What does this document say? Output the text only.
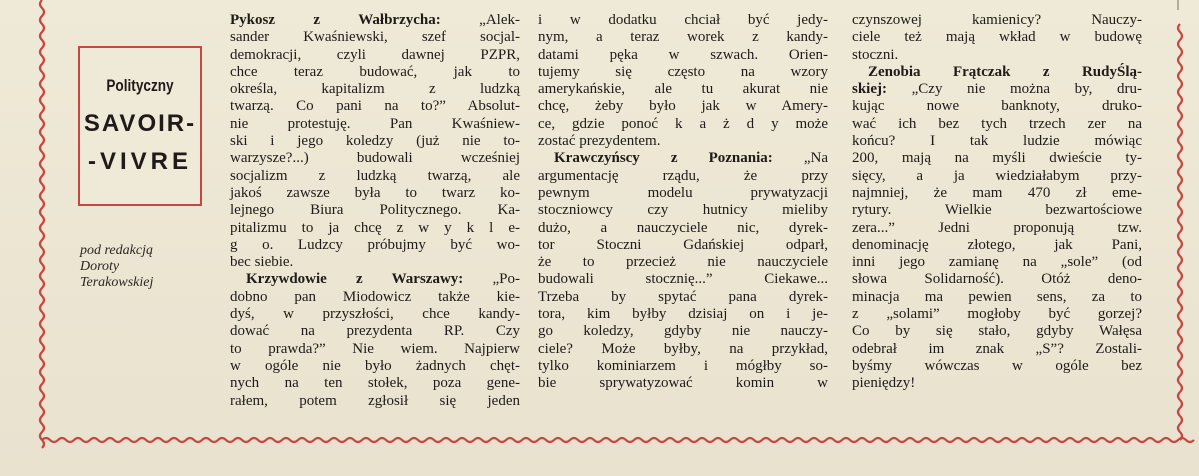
Polityczny
SAVOIR-
-VIVRE
pod redakcją
Doroty
Terakowskiej
Pykosz z Wałbrzycha: „Alek-
sander Kwaśniewski, szef socjal-
demokracji, czyli dawnej PZPR,
chce teraz budować, jak to
określa, kapitalizm z ludzką
twarzą. Co pani na to?” Absolut-
nie protestuję. Pan Kwaśniew-
ski i jego koledzy (już nie to-
warzysze?...) budowali wcześniej
socjalizm z ludzką twarzą, ale
jakoś zawsze była to twarz ko-
lejnego Biura Politycznego. Ka-
pitalizmu to ja chcę z w y k l e-
g o. Ludzcy próbujmy być wo-
bec siebie.
Krzywdowie z Warszawy: „Po-
dobno pan Miodowicz także kie-
dyś, w przyszłości, chce kandy-
dować na prezydenta RP. Czy
to prawda?” Nie wiem. Najpierw
w ogóle nie było żadnych chęt-
nych na ten stołek, poza gene-
rałem, potem zgłosił się jeden
i w dodatku chciał być jedy-
nym, a teraz worek z kandy-
datami pęka w szwach. Orien-
tujemy się często na wzory
amerykańskie, ale tu akurat nie
chcę, żeby było jak w Amery-
ce, gdzie ponoć k a ż d y może
zostać prezydentem.
Krawczyńscy z Poznania: „Na
argumentację rządu, że przy
pewnym modelu prywatyzacji
stoczniowcy czy hutnicy mieliby
dużo, a nauczyciele nic, dyrek-
tor Stoczni Gdańskiej odparł,
że to przecież nie nauczyciele
budowali stocznię...” Ciekawe...
Trzeba by spytać pana dyrek-
tora, kim byłby dzisiaj on i je-
go koledzy, gdyby nie nauczy-
ciele? Może byłby, na przykład,
tylko kominiarzem i mógłby so-
bie sprywatyzować komin w
czynszowej kamienicy? Nauczy-
ciele też mają wkład w budowę
stoczni.
Zenobia Frątczak z RudyŚlą-
skiej: „Czy nie można by, dru-
kując nowe banknoty, druko-
wać ich bez tych trzech zer na
końcu? I tak ludzie mówiąc
200, mają na myśli dwieście ty-
sięcy, a ja wiedziałabym przy-
najmniej, że mam 470 zł eme-
rytury. Wielkie bezwartościowe
zera...” Jedni proponują tzw.
denominację złotego, jak Pani,
inni jego zamianę na „sole” (od
słowa Solidarność). Otóż deno-
minacja ma pewien sens, za to
z „solami” mogłoby być gorzej?
Co by się stało, gdyby Wałęsa
odebrał im znak „S”? Zostali-
byśmy wówczas w ogóle bez
pieniędzy!
